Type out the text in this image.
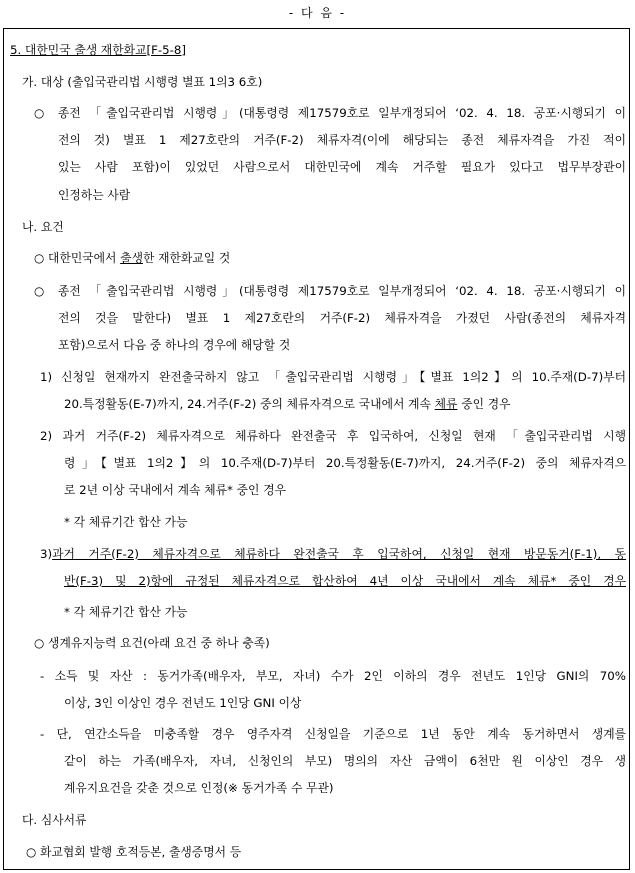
- 다 음 -
5. 대한민국 출생 재한화교[F-5-8]
가. 대상 (출입국관리법 시행령 별표 1의3 6호)
○ 종전 「출입국관리법 시행령」(대통령령 제17579호로 일부개정되어 ‘02. 4. 18. 공포·시행되기 이
전의 것) 별표 1 제27호란의 거주(F-2) 체류자격(이에 해당되는 종전 체류자격을 가진 적이
있는 사람 포함)이 있었던 사람으로서 대한민국에 계속 거주할 필요가 있다고 법무부장관이
인정하는 사람
나. 요건
○ 대한민국에서 출생한 재한화교일 것
○ 종전 「출입국관리법 시행령」(대통령령 제17579호로 일부개정되어 ‘02. 4. 18. 공포·시행되기 이
전의 것을 말한다) 별표 1 제27호란의 거주(F-2) 체류자격을 가졌던 사람(종전의 체류자격
포함)으로서 다음 중 하나의 경우에 해당할 것
1) 신청일 현재까지 완전출국하지 않고 「출입국관리법 시행령」【별표 1의2】의 10.주재(D-7)부터
20.특정활동(E-7)까지, 24.거주(F-2) 중의 체류자격으로 국내에서 계속 체류 중인 경우
2) 과거 거주(F-2) 체류자격으로 체류하다 완전출국 후 입국하여, 신청일 현재 「출입국관리법 시행
령」【별표 1의2】의 10.주재(D-7)부터 20.특정활동(E-7)까지, 24.거주(F-2) 중의 체류자격으
로 2년 이상 국내에서 계속 체류* 중인 경우
* 각 체류기간 합산 가능
3) 과거 거주(F-2) 체류자격으로 체류하다 완전출국 후 입국하여, 신청일 현재 방문동거(F-1), 동
반(F-3) 및 2)항에 규정된 체류자격으로 합산하여 4년 이상 국내에서 계속 체류* 중인 경우
* 각 체류기간 합산 가능
○ 생계유지능력 요건(아래 요건 중 하나 충족)
- 소득 및 자산 : 동거가족(배우자, 부모, 자녀) 수가 2인 이하의 경우 전년도 1인당 GNI의 70%
이상, 3인 이상인 경우 전년도 1인당 GNI 이상
- 단, 연간소득을 미충족할 경우 영주자격 신청일을 기준으로 1년 동안 계속 동거하면서 생계를
같이 하는 가족(배우자, 자녀, 신청인의 부모) 명의의 자산 금액이 6천만 원 이상인 경우 생
계유지요건을 갖춘 것으로 인정(※ 동거가족 수 무관)
다. 심사서류
○ 화교협회 발행 호적등본, 출생증명서 등
